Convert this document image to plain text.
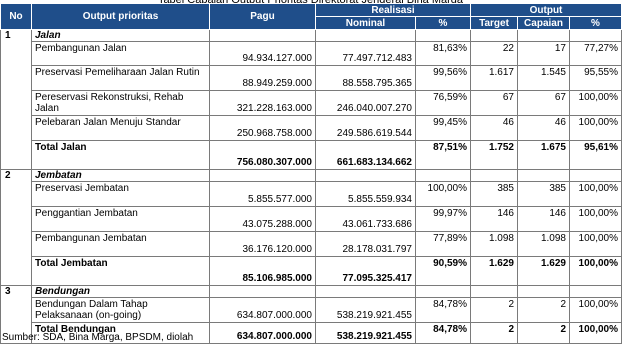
No	Output prioritas	Pagu	Realisasi		Output		
			Nominal	%	Target	Capaian	%
1	Jalan						
	Pembangunan Jalan	94.934.127.000	77.497.712.483	81,63%	22	17	77,27%
	Preservasi Pemeliharaan Jalan Rutin	88.949.259.000	88.558.795.365	99,56%	1.617	1.545	95,55%
	Pereservasi Rekonstruksi, Rehab Jalan	321.228.163.000	246.040.007.270	76,59%	67	67	100,00%
	Pelebaran Jalan Menuju Standar	250.968.758.000	249.586.619.544	99,45%	46	46	100,00%
	Total Jalan	756.080.307.000	661.683.134.662	87,51%	1.752	1.675	95,61%
2	Jembatan						
	Preservasi Jembatan	5.855.577.000	5.855.559.934	100,00%	385	385	100,00%
	Penggantian Jembatan	43.075.288.000	43.061.733.686	99,97%	146	146	100,00%
	Pembangunan Jembatan	36.176.120.000	28.178.031.797	77,89%	1.098	1.098	100,00%
	Total Jembatan	85.106.985.000	77.095.325.417	90,59%	1.629	1.629	100,00%
3	Bendungan						
	Bendungan Dalam Tahap Pelaksanaan (on-going)	634.807.000.000	538.219.921.455	84,78%	2	2	100,00%
	Total Bendungan	634.807.000.000	538.219.921.455	84,78%	2	2	100,00%
Sumber: SDA, Bina Marga, BPSDM, diolah
